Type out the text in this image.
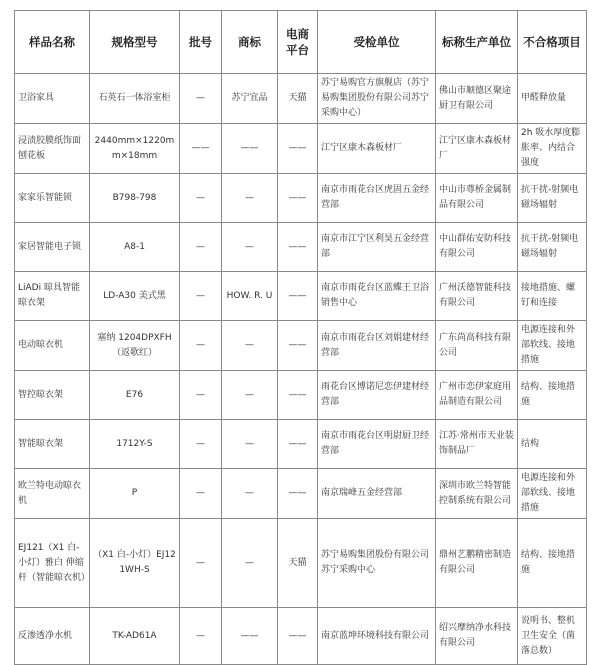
样品名称	规格型号	批号	商标	电商平台	受检单位	标称生产单位	不合格项目
卫浴家具	石英石一体浴室柜	—	苏宁宜品	天猫	苏宁易购官方旗舰店（苏宁易购集团股份有限公司苏宁采购中心）	佛山市顺德区聚途厨卫有限公司	甲醛释放量
浸渍胶膜纸饰面刨花板	2440mm×1220mm×18mm	——	——	——	江宁区康木森板材厂	江宁区康木森板材厂	2h 吸水厚度膨胀率、内结合强度
家家乐智能锁	B798-798	—	—	——	南京市雨花台区虎固五金经营部	中山市尊桥金属制品有限公司	抗干扰-射频电磁场辐射
家居智能电子锁	A8-1	—	—	——	南京市江宁区利昊五金经营部	中山群佑安防科技有限公司	抗干扰-射频电磁场辐射
LiADi 晾具智能晾衣架	LD-A30 美式黑	—	HOW. R. U	——	南京市雨花台区蓝蝶王卫浴销售中心	广州沃德智能科技有限公司	接地措施、螺钉和连接
电动晾衣机	塞纳 1204DPXFH（返歌红）	—	—	——	南京市雨花台区刘娟建材经营部	广东尚高科技有限公司	电源连接和外部软线、接地措施
智控晾衣架	E76	—	—	——	雨花台区博诺尼恋伊建材经营部	广州市恋伊家庭用品制造有限公司	结构、接地措施
智能晾衣架	1712Y-S	—	—	——	南京市雨花台区明尉厨卫经营部	江苏·常州市天业装饰制品厂	结构
欧兰特电动晾衣机	P	—	—	——	南京瑞峰五金经营部	深圳市欧兰特智能控制系统有限公司	电源连接和外部软线、接地措施
EJ121（X1 白-小灯）雅白 伸缩杆（智能晾衣机）	（X1 白-小灯）EJ121WH-S	—	—	天猫	苏宁易购集团股份有限公司苏宁采购中心	鼎州艺鹏精密制造有限公司	结构、接地措施
反渗透净水机	TK-AD61A	—	——	——	南京蓝坤环境科技有限公司	绍兴摩纳净水科技有限公司	说明书、整机卫生安全（菌落总数）
